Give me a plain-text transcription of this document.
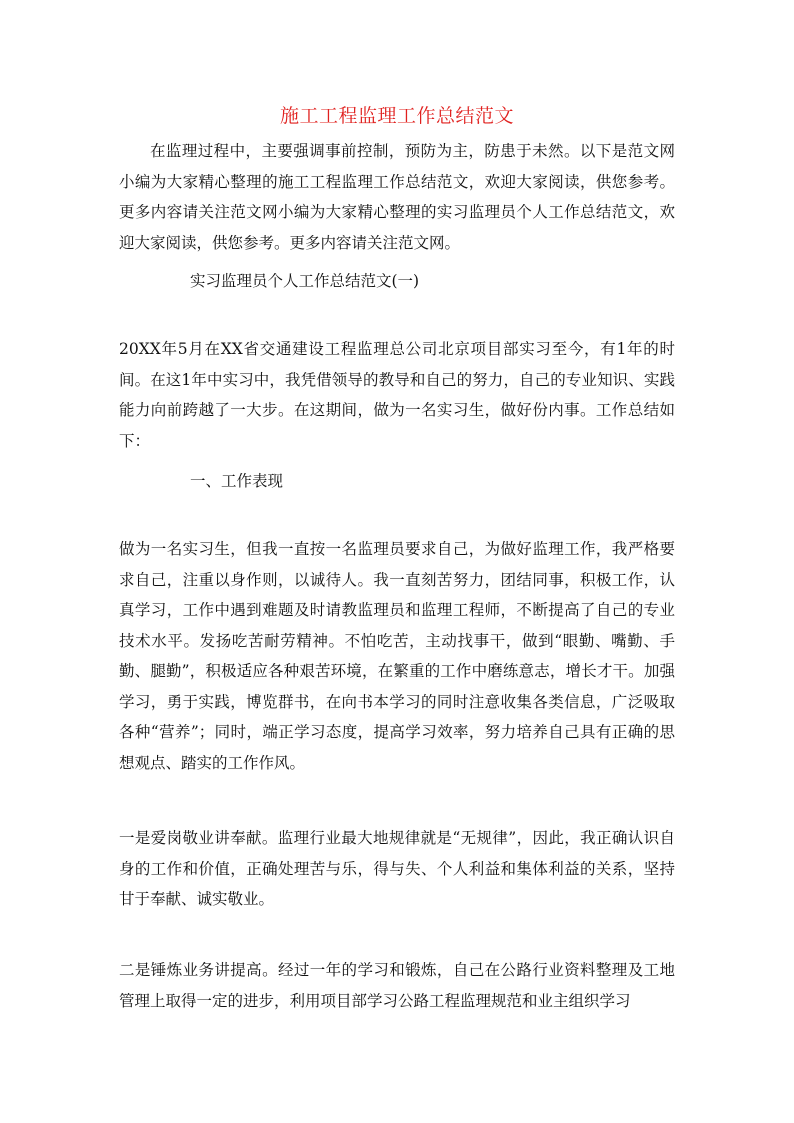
施工工程监理工作总结范文

在监理过程中，主要强调事前控制，预防为主，防患于未然。以下是范文网小编为大家精心整理的施工工程监理工作总结范文，欢迎大家阅读，供您参考。更多内容请关注范文网小编为大家精心整理的实习监理员个人工作总结范文，欢迎大家阅读，供您参考。更多内容请关注范文网。

实习监理员个人工作总结范文(一)

20XX年5月在XX省交通建设工程监理总公司北京项目部实习至今，有1年的时间。在这1年中实习中，我凭借领导的教导和自己的努力，自己的专业知识、实践能力向前跨越了一大步。在这期间，做为一名实习生，做好份内事。工作总结如下：

一、工作表现

做为一名实习生，但我一直按一名监理员要求自己，为做好监理工作，我严格要求自己，注重以身作则，以诚待人。我一直刻苦努力，团结同事，积极工作，认真学习，工作中遇到难题及时请教监理员和监理工程师，不断提高了自己的专业技术水平。发扬吃苦耐劳精神。不怕吃苦，主动找事干，做到“眼勤、嘴勤、手勤、腿勤”，积极适应各种艰苦环境，在繁重的工作中磨练意志，增长才干。加强学习，勇于实践，博览群书，在向书本学习的同时注意收集各类信息，广泛吸取各种“营养”；同时，端正学习态度，提高学习效率，努力培养自己具有正确的思想观点、踏实的工作作风。

一是爱岗敬业讲奉献。监理行业最大地规律就是“无规律”，因此，我正确认识自身的工作和价值，正确处理苦与乐，得与失、个人利益和集体利益的关系，坚持甘于奉献、诚实敬业。

二是锤炼业务讲提高。经过一年的学习和锻炼，自己在公路行业资料整理及工地管理上取得一定的进步，利用项目部学习公路工程监理规范和业主组织学习
